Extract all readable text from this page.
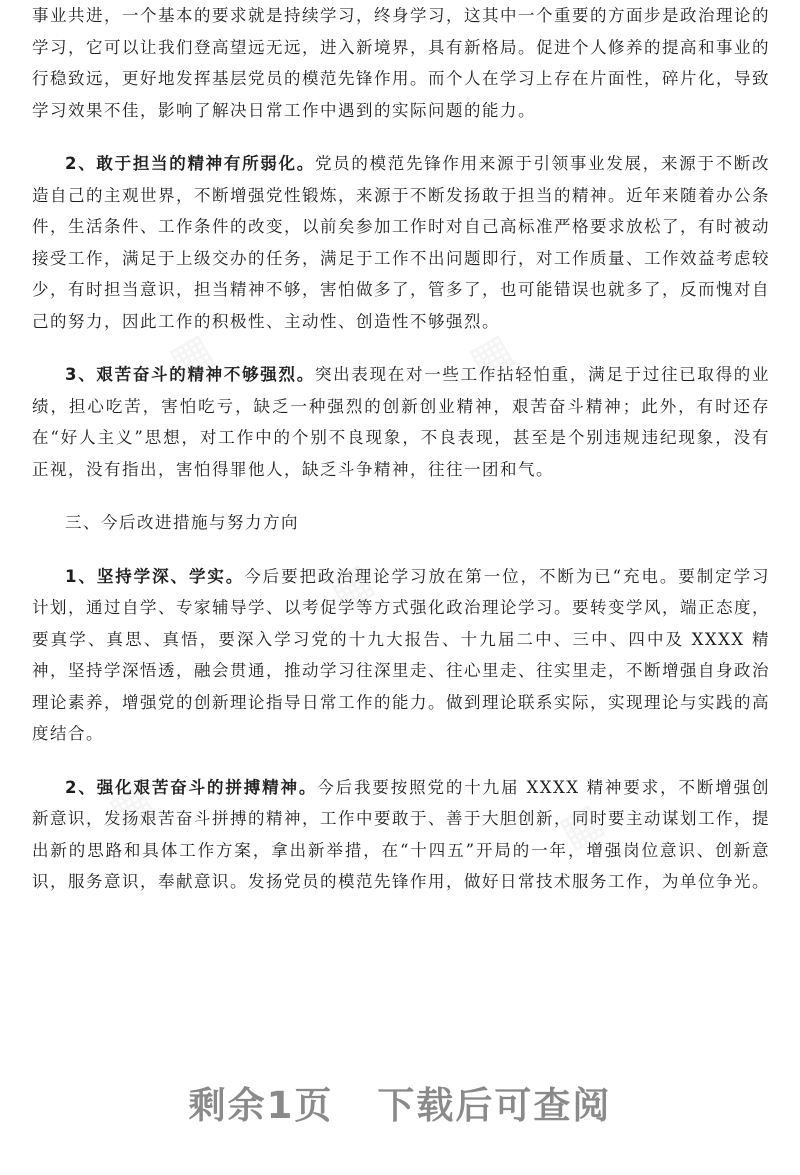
事业共进，一个基本的要求就是持续学习，终身学习，这其中一个重要的方面步是政治理论的学习，它可以让我们登高望远无远，进入新境界，具有新格局。促进个人修养的提高和事业的行稳致远，更好地发挥基层党员的模范先锋作用。而个人在学习上存在片面性，碎片化，导致学习效果不佳，影响了解决日常工作中遇到的实际问题的能力。

2、敢于担当的精神有所弱化。党员的模范先锋作用来源于引领事业发展，来源于不断改造自己的主观世界，不断增强党性锻炼，来源于不断发扬敢于担当的精神。近年来随着办公条件，生活条件、工作条件的改变，以前矣参加工作时对自己高标准严格要求放松了，有时被动接受工作，满足于上级交办的任务，满足于工作不出问题即行，对工作质量、工作效益考虑较少，有时担当意识，担当精神不够，害怕做多了，管多了，也可能错误也就多了，反而愧对自己的努力，因此工作的积极性、主动性、创造性不够强烈。

3、艰苦奋斗的精神不够强烈。突出表现在对一些工作拈轻怕重，满足于过往已取得的业绩，担心吃苦，害怕吃亏，缺乏一种强烈的创新创业精神，艰苦奋斗精神；此外，有时还存在“好人主义”思想，对工作中的个别不良现象，不良表现，甚至是个别违规违纪现象，没有正视，没有指出，害怕得罪他人，缺乏斗争精神，往往一团和气。

三、今后改进措施与努力方向

1、坚持学深、学实。今后要把政治理论学习放在第一位，不断为已“充电。要制定学习计划，通过自学、专家辅导学、以考促学等方式强化政治理论学习。要转变学风，端正态度，要真学、真思、真悟，要深入学习党的十九大报告、十九届二中、三中、四中及 XXXX 精神，坚持学深悟透，融会贯通，推动学习往深里走、往心里走、往实里走，不断增强自身政治理论素养，增强党的创新理论指导日常工作的能力。做到理论联系实际，实现理论与实践的高度结合。

2、强化艰苦奋斗的拼搏精神。今后我要按照党的十九届 XXXX 精神要求，不断增强创新意识，发扬艰苦奋斗拼搏的精神，工作中要敢于、善于大胆创新，同时要主动谋划工作，提出新的思路和具体工作方案，拿出新举措，在“十四五”开局的一年，增强岗位意识、创新意识，服务意识，奉献意识。发扬党员的模范先锋作用，做好日常技术服务工作，为单位争光。

▦	▦
▦
▦	▦
剩余1页 下载后可查阅
